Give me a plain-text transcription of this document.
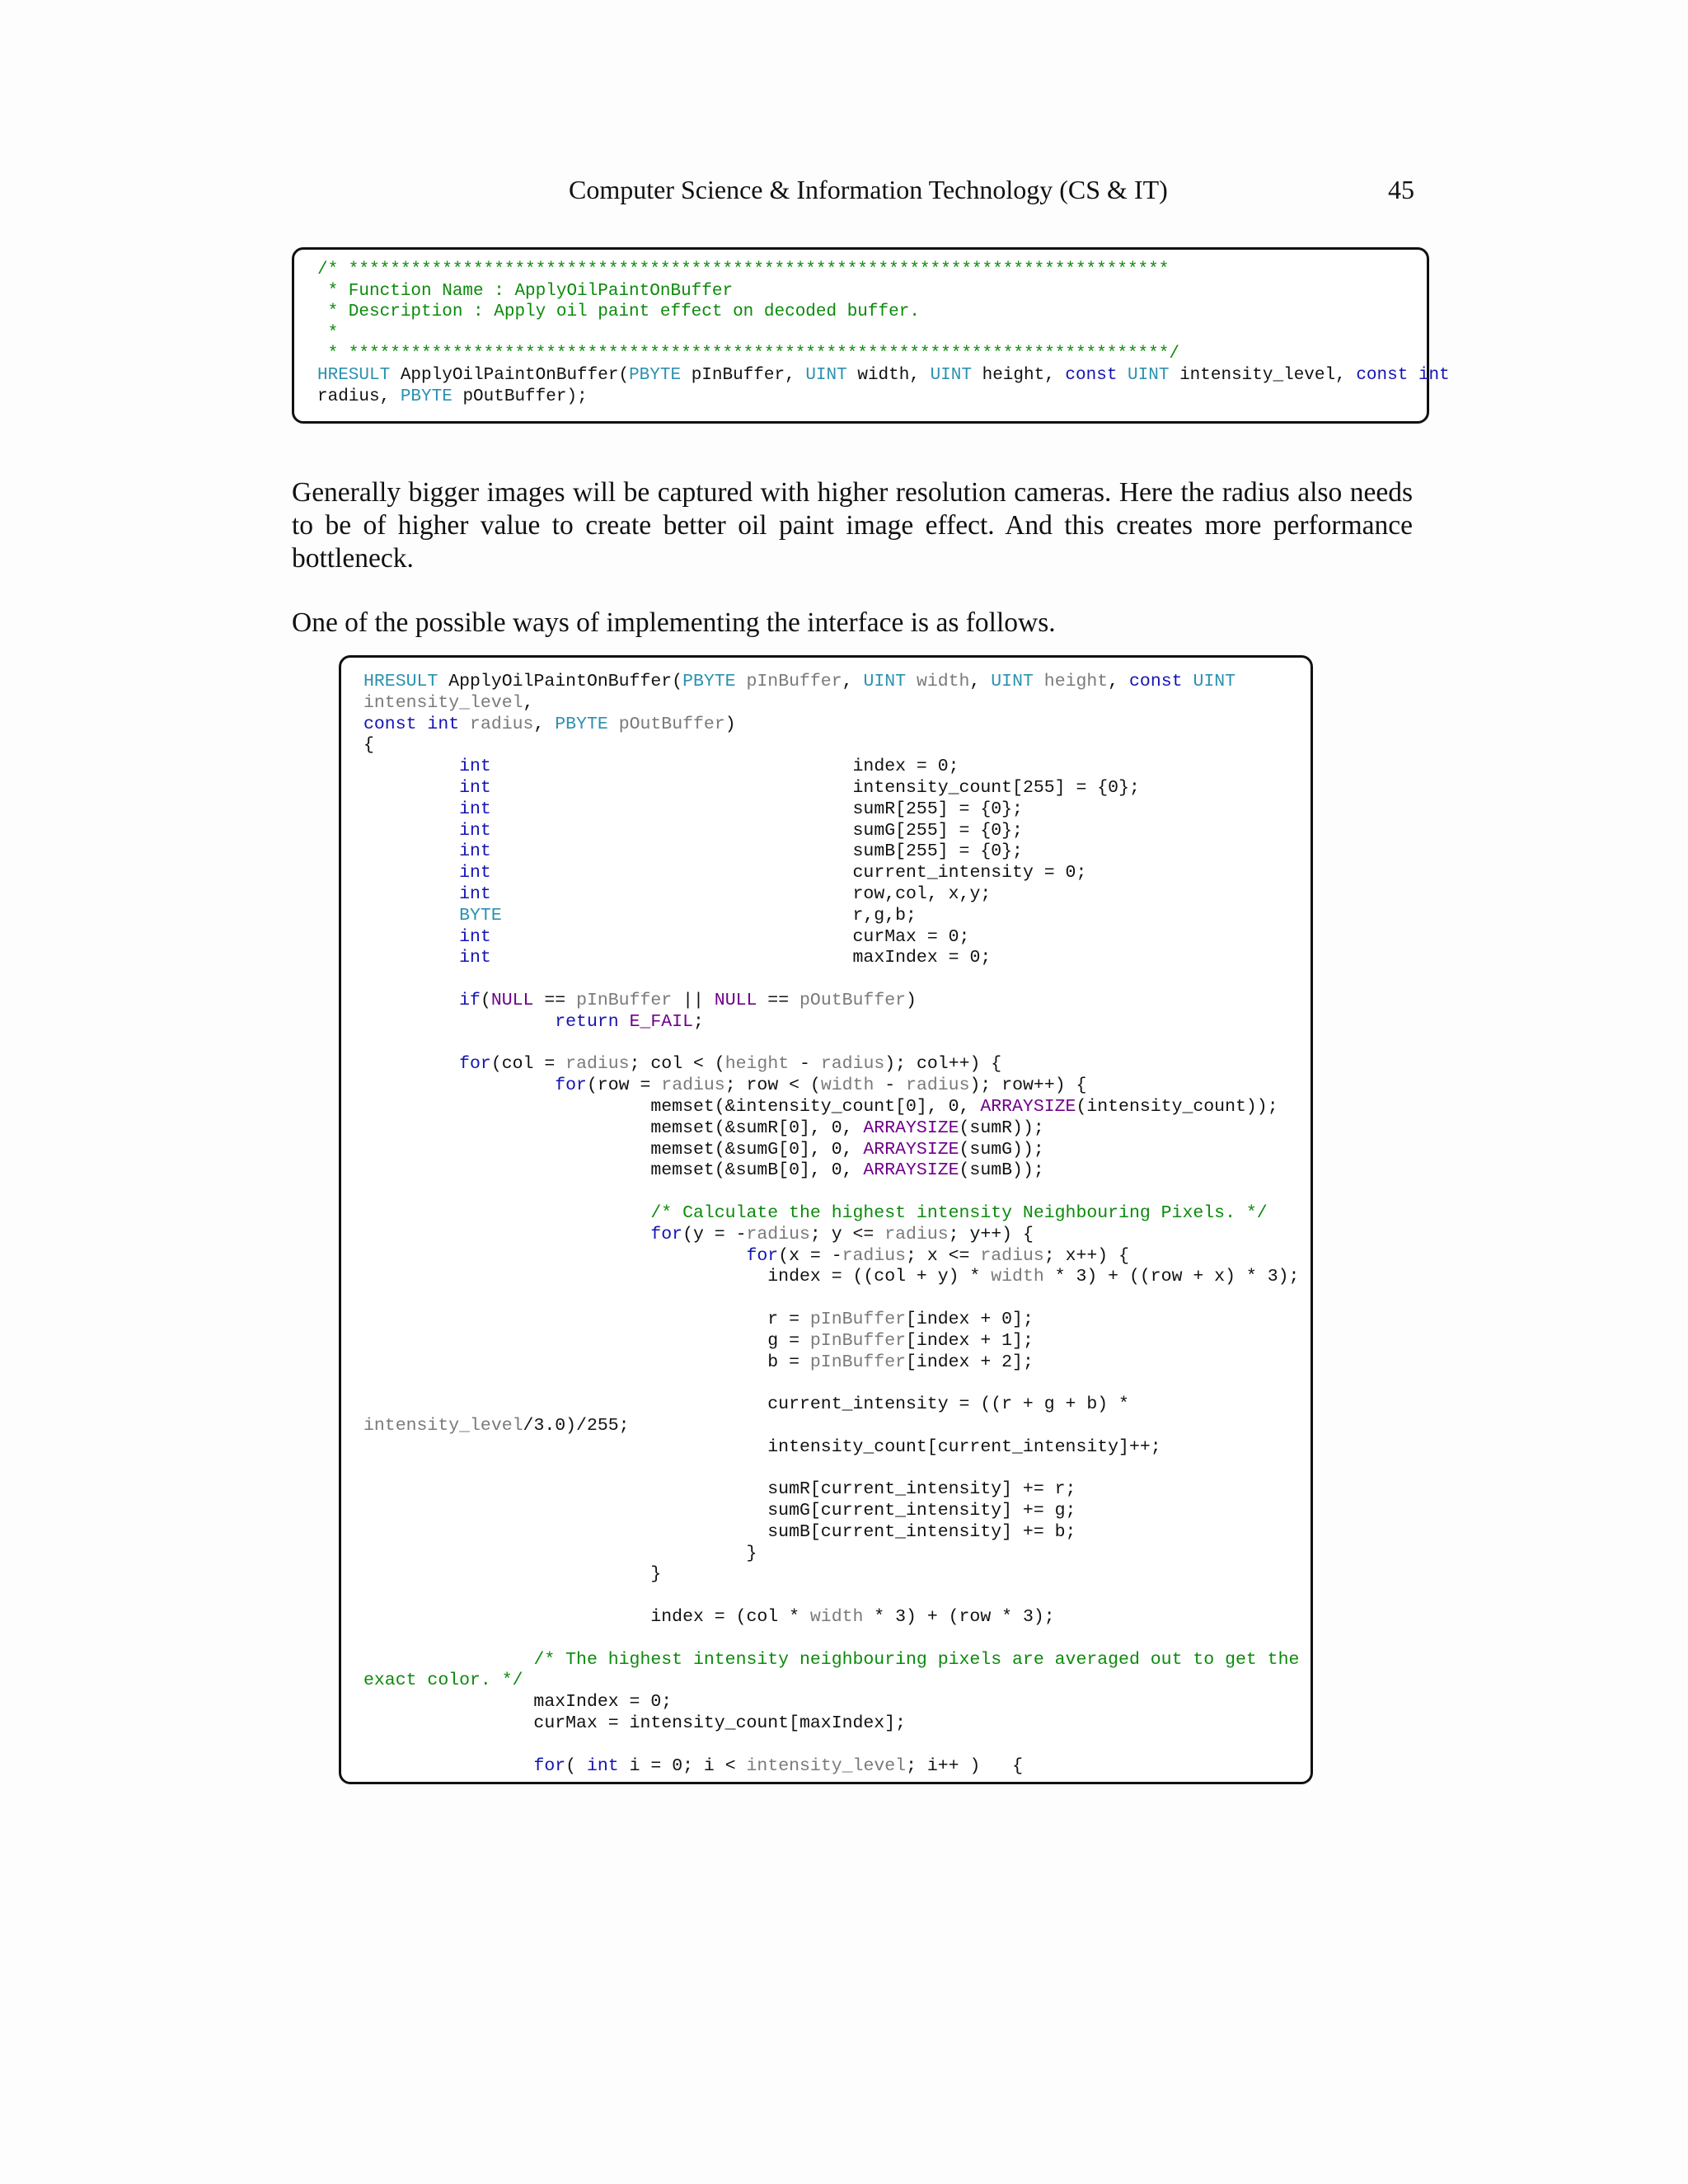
Computer Science & Information Technology (CS & IT)	45
/* *******************************************************************************
* Function Name : ApplyOilPaintOnBuffer
* Description : Apply oil paint effect on decoded buffer.
*
* *******************************************************************************/
HRESULT ApplyOilPaintOnBuffer(PBYTE pInBuffer, UINT width, UINT height, const UINT intensity_level, const int
radius, PBYTE pOutBuffer);

Generally bigger images will be captured with higher resolution cameras. Here the radius also needs to be of higher value to create better oil paint image effect. And this creates more performance bottleneck.

One of the possible ways of implementing the interface is as follows.

HRESULT ApplyOilPaintOnBuffer(PBYTE pInBuffer, UINT width, UINT height, const UINT
intensity_level,
const int radius, PBYTE pOutBuffer)
{
int                                  index = 0;
int                                  intensity_count[255] = {0};
int                                  sumR[255] = {0};
int                                  sumG[255] = {0};
int                                  sumB[255] = {0};
int                                  current_intensity = 0;
int                                  row,col, x,y;
BYTE                                 r,g,b;
int                                  curMax = 0;
int                                  maxIndex = 0;

if(NULL == pInBuffer || NULL == pOutBuffer)
return E_FAIL;

for(col = radius; col < (height - radius); col++) {
for(row = radius; row < (width - radius); row++) {
memset(&intensity_count[0], 0, ARRAYSIZE(intensity_count));
memset(&sumR[0], 0, ARRAYSIZE(sumR));
memset(&sumG[0], 0, ARRAYSIZE(sumG));
memset(&sumB[0], 0, ARRAYSIZE(sumB));

/* Calculate the highest intensity Neighbouring Pixels. */
for(y = -radius; y <= radius; y++) {
for(x = -radius; x <= radius; x++) {
index = ((col + y) * width * 3) + ((row + x) * 3);

r = pInBuffer[index + 0];
g = pInBuffer[index + 1];
b = pInBuffer[index + 2];

current_intensity = ((r + g + b) *
intensity_level/3.0)/255;
intensity_count[current_intensity]++;

sumR[current_intensity] += r;
sumG[current_intensity] += g;
sumB[current_intensity] += b;
}
}

index = (col * width * 3) + (row * 3);

/* The highest intensity neighbouring pixels are averaged out to get the
exact color. */
maxIndex = 0;
curMax = intensity_count[maxIndex];

for( int i = 0; i < intensity_level; i++ )   {
